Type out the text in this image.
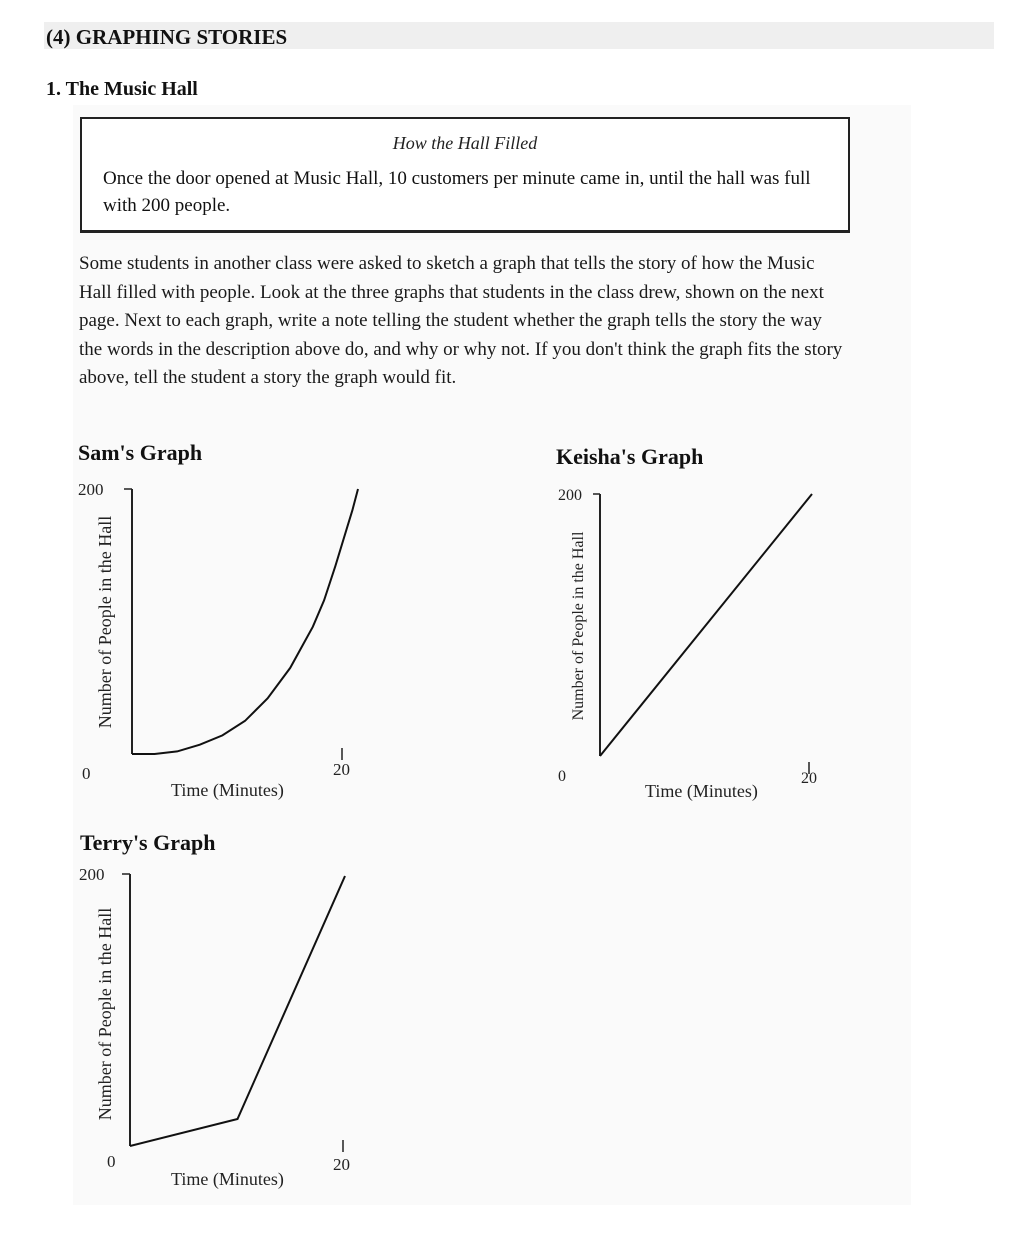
(4) GRAPHING STORIES
1. The Music Hall
How the Hall Filled
Once the door opened at Music Hall, 10 customers per minute came in, until the hall was full with 200 people.
Some students in another class were asked to sketch a graph that tells the story of how the Music Hall filled with people. Look at the three graphs that students in the class drew, shown on the next page. Next to each graph, write a note telling the student whether the graph tells the story the way the words in the description above do, and why or why not. If you don't think the graph fits the story above, tell the student a story the graph would fit.
Sam's Graph
200
0	20
Time (Minutes)
Number of People in the Hall
Keisha's Graph
200
0	20
Time (Minutes)
Number of People in the Hall
Terry's Graph
200
0	20
Time (Minutes)
Number of People in the Hall
